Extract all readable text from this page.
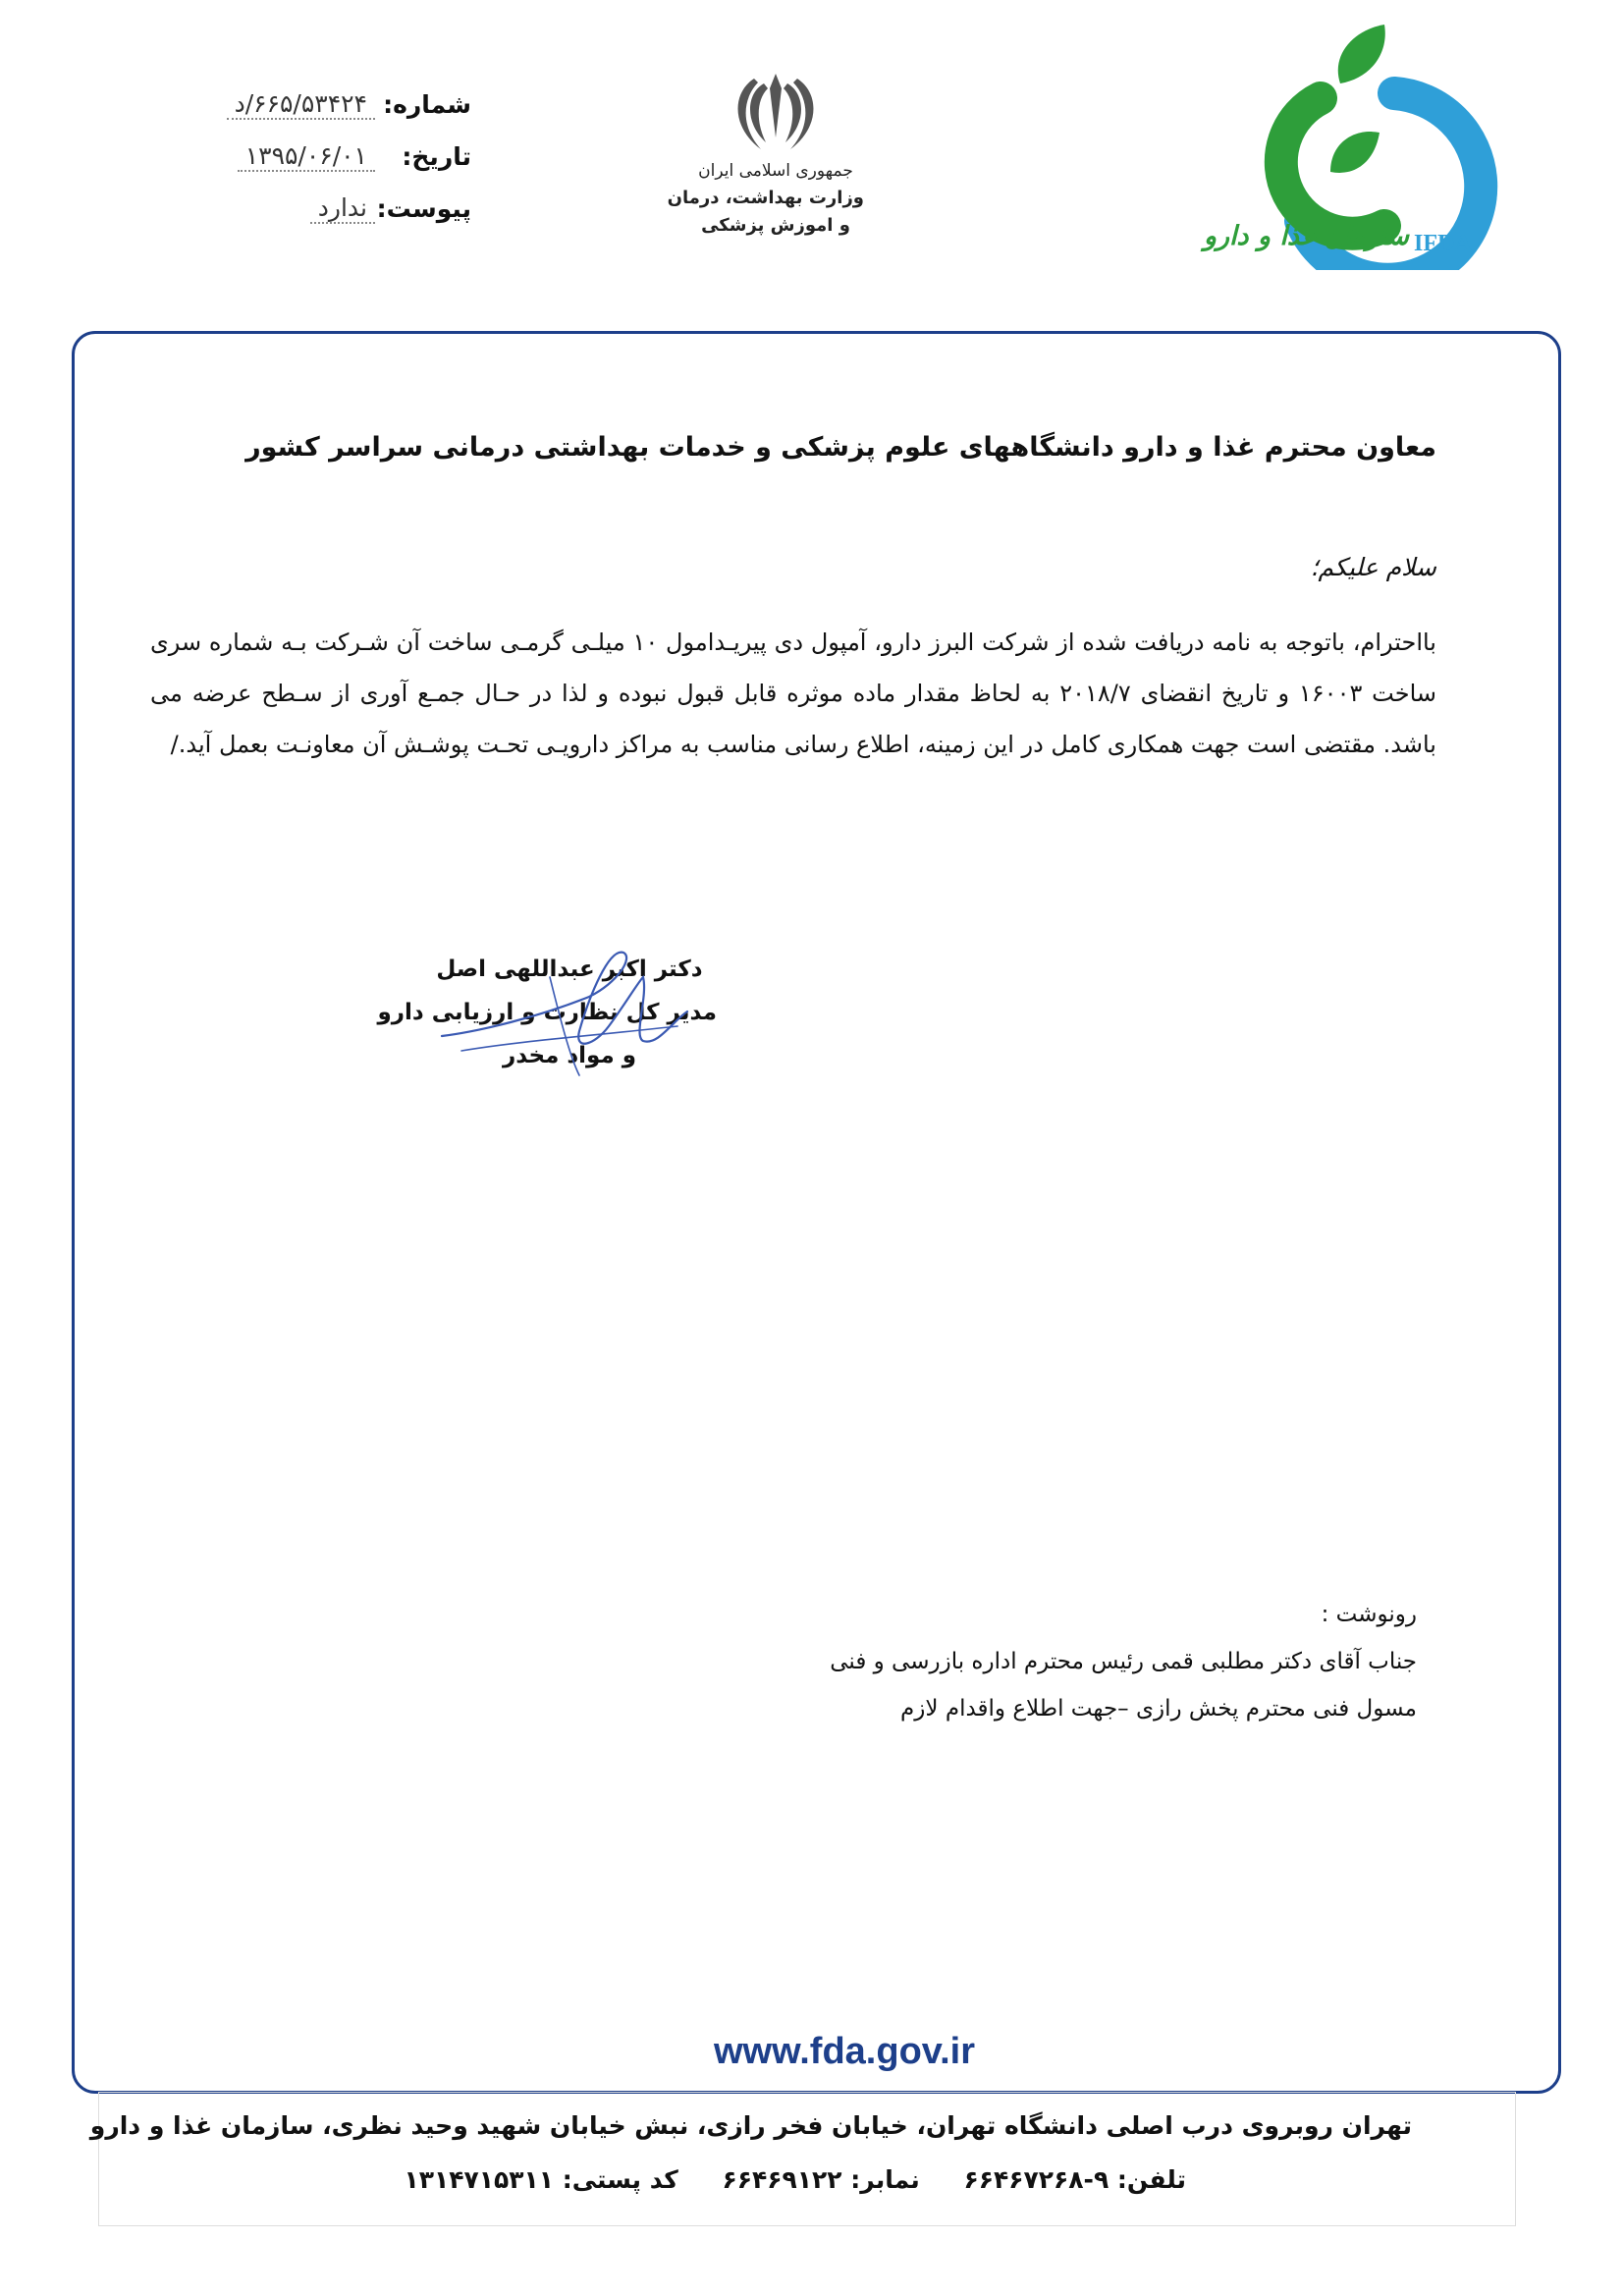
سازمان غذا و دارو IFDA
جمهوری اسلامی ایران
وزارت بهداشت، درمان
و اموزش پزشکی
شماره:
۶۶۵/۵۳۴۲۴/د
تاریخ:
۱۳۹۵/۰۶/۰۱
پیوست:
ندارد
معاون محترم غذا و دارو دانشگاههای علوم پزشکی و خدمات بهداشتی درمانی سراسر کشور
سلام علیکم؛
بااحترام، باتوجه به نامه دریافت شده از شرکت البرز دارو، آمپول دی پیریـدامول ۱۰ میلـی گرمـی ساخت آن شـرکت بـه شماره سری ساخت ۱۶۰۰۳ و تاریخ انقضای ۲۰۱۸/۷ به لحاظ مقدار ماده موثره قابل قبول نبوده و لذا در حـال جمـع آوری از سـطح عرضه می باشد. مقتضی است جهت همکاری کامل در این زمینه، اطلاع رسانی مناسب به مراکز دارویـی تحـت پوشـش آن معاونـت بعمل آید./
دکتر اکبر عبداللهی اصل
مدیر کل نظارت و ارزیابی دارو
و مواد مخدر
رونوشت :
جناب آقای دکتر مطلبی قمی رئیس محترم اداره بازرسی و فنی
مسول فنی محترم پخش رازی –جهت اطلاع واقدام لازم
www.fda.gov.ir
تهران روبروی درب اصلی دانشگاه تهران، خیابان فخر رازی، نبش خیابان شهید وحید نظری، سازمان غذا و دارو
تلفن: ۹-۶۶۴۶۷۲۶۸ نمابر: ۶۶۴۶۹۱۲۲ کد پستی: ۱۳۱۴۷۱۵۳۱۱
